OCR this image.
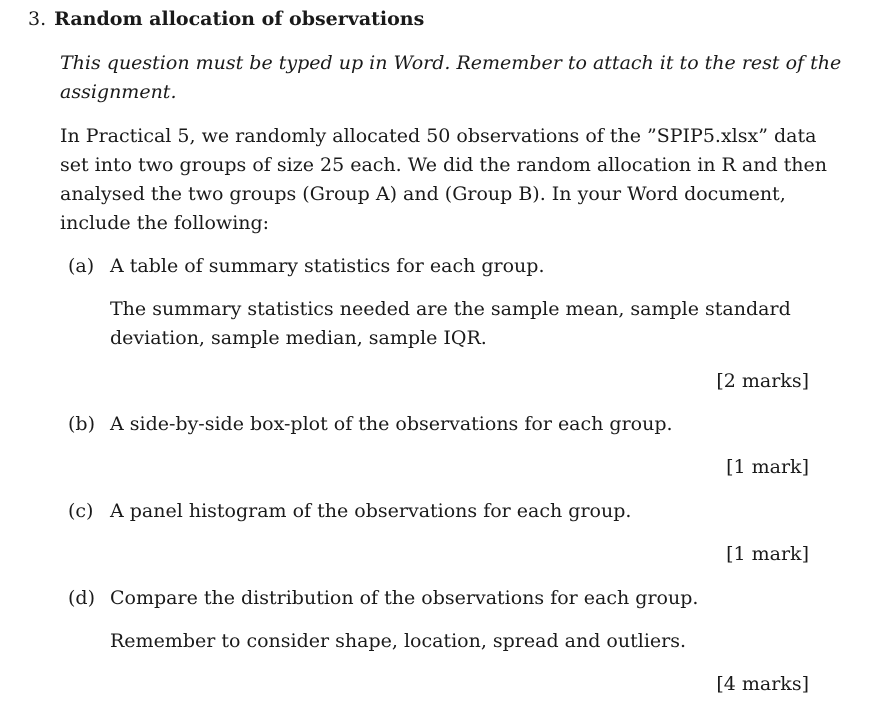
3. Random allocation of observations
This question must be typed up in Word. Remember to attach it to the rest of the assignment.
In Practical 5, we randomly allocated 50 observations of the ”SPIP5.xlsx” data set into two groups of size 25 each. We did the random allocation in R and then analysed the two groups (Group A) and (Group B). In your Word document, include the following:
(a) A table of summary statistics for each group.
The summary statistics needed are the sample mean, sample standard deviation, sample median, sample IQR.
[2 marks]
(b) A side-by-side box-plot of the observations for each group.
[1 mark]
(c) A panel histogram of the observations for each group.
[1 mark]
(d) Compare the distribution of the observations for each group.
Remember to consider shape, location, spread and outliers.
[4 marks]
